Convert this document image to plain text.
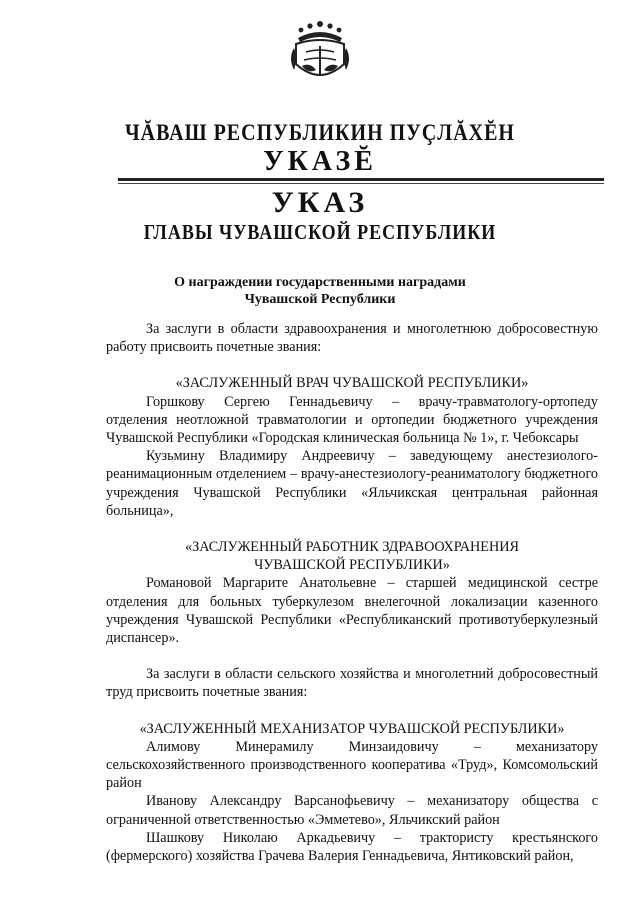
ЧĂВАШ РЕСПУБЛИКИН ПУÇЛĂХĔН
УКАЗĔ
УКАЗ
ГЛАВЫ ЧУВАШСКОЙ РЕСПУБЛИКИ
О награждении государственными наградами
Чувашской Республики

За заслуги в области здравоохранения и многолетнюю добросовестную работу присвоить почетные звания:

«ЗАСЛУЖЕННЫЙ ВРАЧ ЧУВАШСКОЙ РЕСПУБЛИКИ»

Горшкову Сергею Геннадьевичу – врачу-травматологу-ортопеду отделения неотложной травматологии и ортопедии бюджетного учреждения Чувашской Республики «Городская клиническая больница № 1», г. Чебоксары

Кузьмину Владимиру Андреевичу – заведующему анестезиолого-реанимационным отделением – врачу-анестезиологу-реаниматологу бюджетного учреждения Чувашской Республики «Яльчикская центральная районная больница»,

«ЗАСЛУЖЕННЫЙ РАБОТНИК ЗДРАВООХРАНЕНИЯ

ЧУВАШСКОЙ РЕСПУБЛИКИ»

Романовой Маргарите Анатольевне – старшей медицинской сестре отделения для больных туберкулезом внелегочной локализации казенного учреждения Чувашской Республики «Республиканский противотуберкулезный диспансер».

За заслуги в области сельского хозяйства и многолетний добросовестный труд присвоить почетные звания:

«ЗАСЛУЖЕННЫЙ МЕХАНИЗАТОР ЧУВАШСКОЙ РЕСПУБЛИКИ»

Алимову Минерамилу Минзаидовичу – механизатору сельскохозяйственного производственного кооператива «Труд», Комсомольский район

Иванову Александру Варсанофьевичу – механизатору общества с ограниченной ответственностью «Эмметево», Яльчикский район

Шашкову Николаю Аркадьевичу – трактористу крестьянского (фермерского) хозяйства Грачева Валерия Геннадьевича, Янтиковский район,
